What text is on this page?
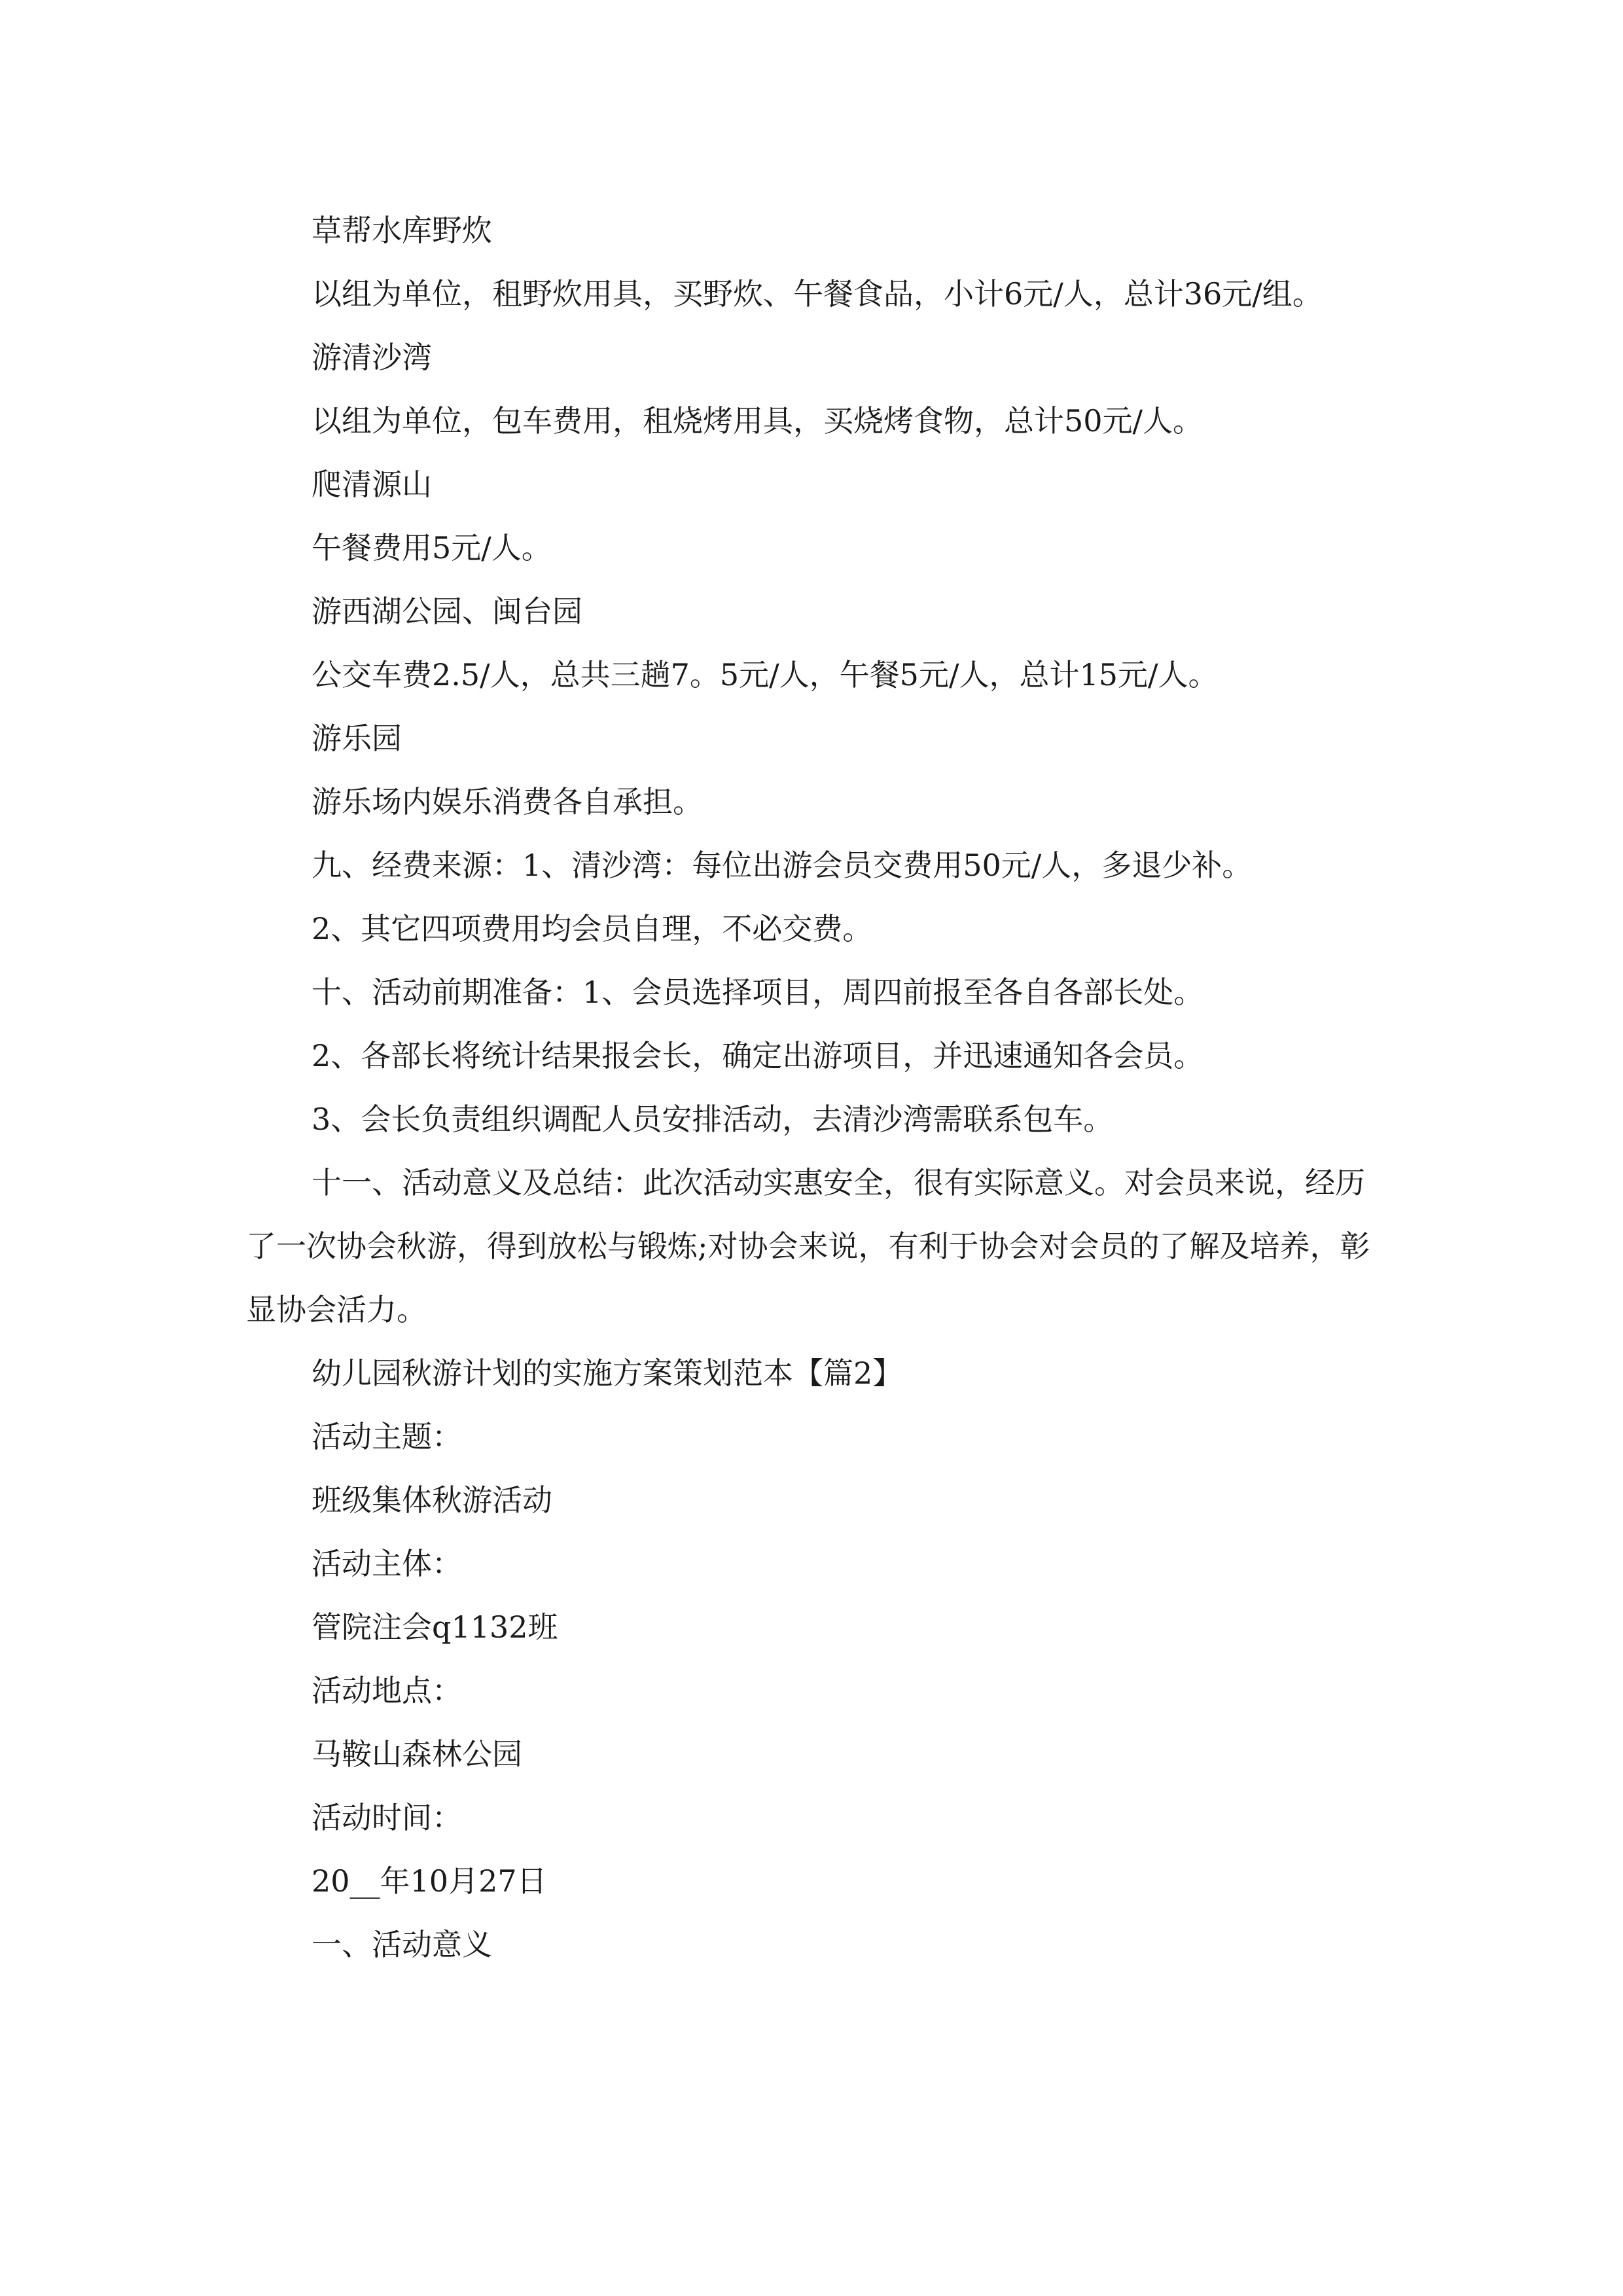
草帮水库野炊

以组为单位，租野炊用具，买野炊、午餐食品，小计6元/人，总计36元/组。

游清沙湾

以组为单位，包车费用，租烧烤用具，买烧烤食物，总计50元/人。

爬清源山

午餐费用5元/人。

游西湖公园、闽台园

公交车费2.5/人，总共三趟7。5元/人，午餐5元/人，总计15元/人。

游乐园

游乐场内娱乐消费各自承担。

九、经费来源：1、清沙湾：每位出游会员交费用50元/人，多退少补。

2、其它四项费用均会员自理，不必交费。

十、活动前期准备：1、会员选择项目，周四前报至各自各部长处。

2、各部长将统计结果报会长，确定出游项目，并迅速通知各会员。

3、会长负责组织调配人员安排活动，去清沙湾需联系包车。

十一、活动意义及总结：此次活动实惠安全，很有实际意义。对会员来说，经历了一次协会秋游，得到放松与锻炼;对协会来说，有利于协会对会员的了解及培养，彰显协会活力。

幼儿园秋游计划的实施方案策划范本【篇2】

活动主题：

班级集体秋游活动

活动主体：

管院注会q1132班

活动地点：

马鞍山森林公园

活动时间：

20__年10月27日

一、活动意义
